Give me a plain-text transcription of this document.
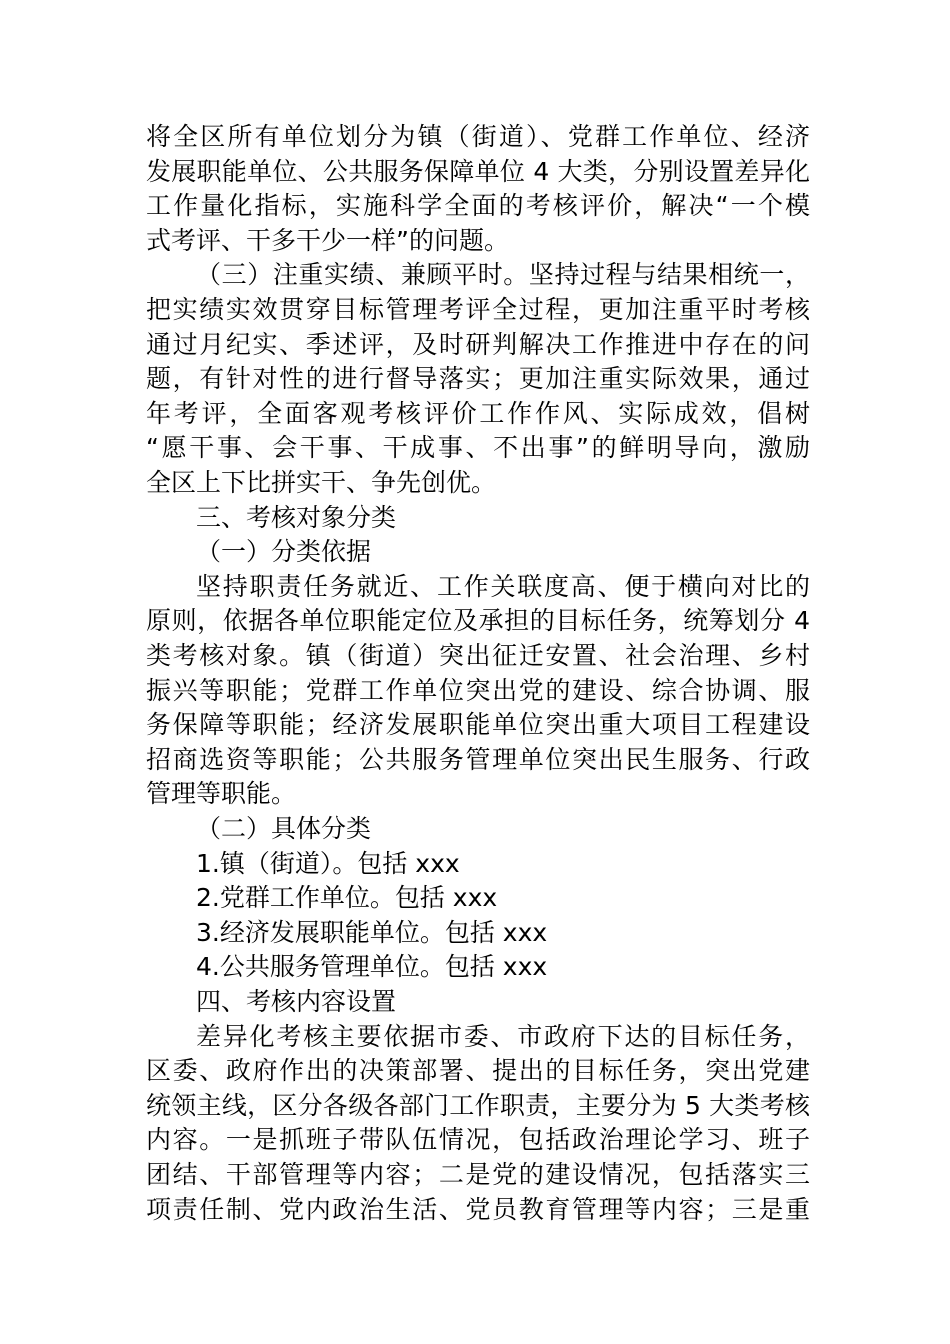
将全区所有单位划分为镇（街道）、党群工作单位、经济
发展职能单位、公共服务保障单位 4 大类，分别设置差异化
工作量化指标，实施科学全面的考核评价，解决“一个模
式考评、干多干少一样”的问题。
（三）注重实绩、兼顾平时。坚持过程与结果相统一，
把实绩实效贯穿目标管理考评全过程，更加注重平时考核
通过月纪实、季述评，及时研判解决工作推进中存在的问
题，有针对性的进行督导落实；更加注重实际效果，通过
年考评，全面客观考核评价工作作风、实际成效，倡树
“愿干事、会干事、干成事、不出事”的鲜明导向，激励
全区上下比拼实干、争先创优。
三、考核对象分类
（一）分类依据
坚持职责任务就近、工作关联度高、便于横向对比的
原则，依据各单位职能定位及承担的目标任务，统筹划分 4
类考核对象。镇（街道）突出征迁安置、社会治理、乡村
振兴等职能；党群工作单位突出党的建设、综合协调、服
务保障等职能；经济发展职能单位突出重大项目工程建设
招商选资等职能；公共服务管理单位突出民生服务、行政
管理等职能。
（二）具体分类
1.镇（街道）。包括 xxx
2.党群工作单位。包括 xxx
3.经济发展职能单位。包括 xxx
4.公共服务管理单位。包括 xxx
四、考核内容设置
差异化考核主要依据市委、市政府下达的目标任务，
区委、政府作出的决策部署、提出的目标任务，突出党建
统领主线，区分各级各部门工作职责，主要分为 5 大类考核
内容。一是抓班子带队伍情况，包括政治理论学习、班子
团结、干部管理等内容；二是党的建设情况，包括落实三
项责任制、党内政治生活、党员教育管理等内容；三是重
